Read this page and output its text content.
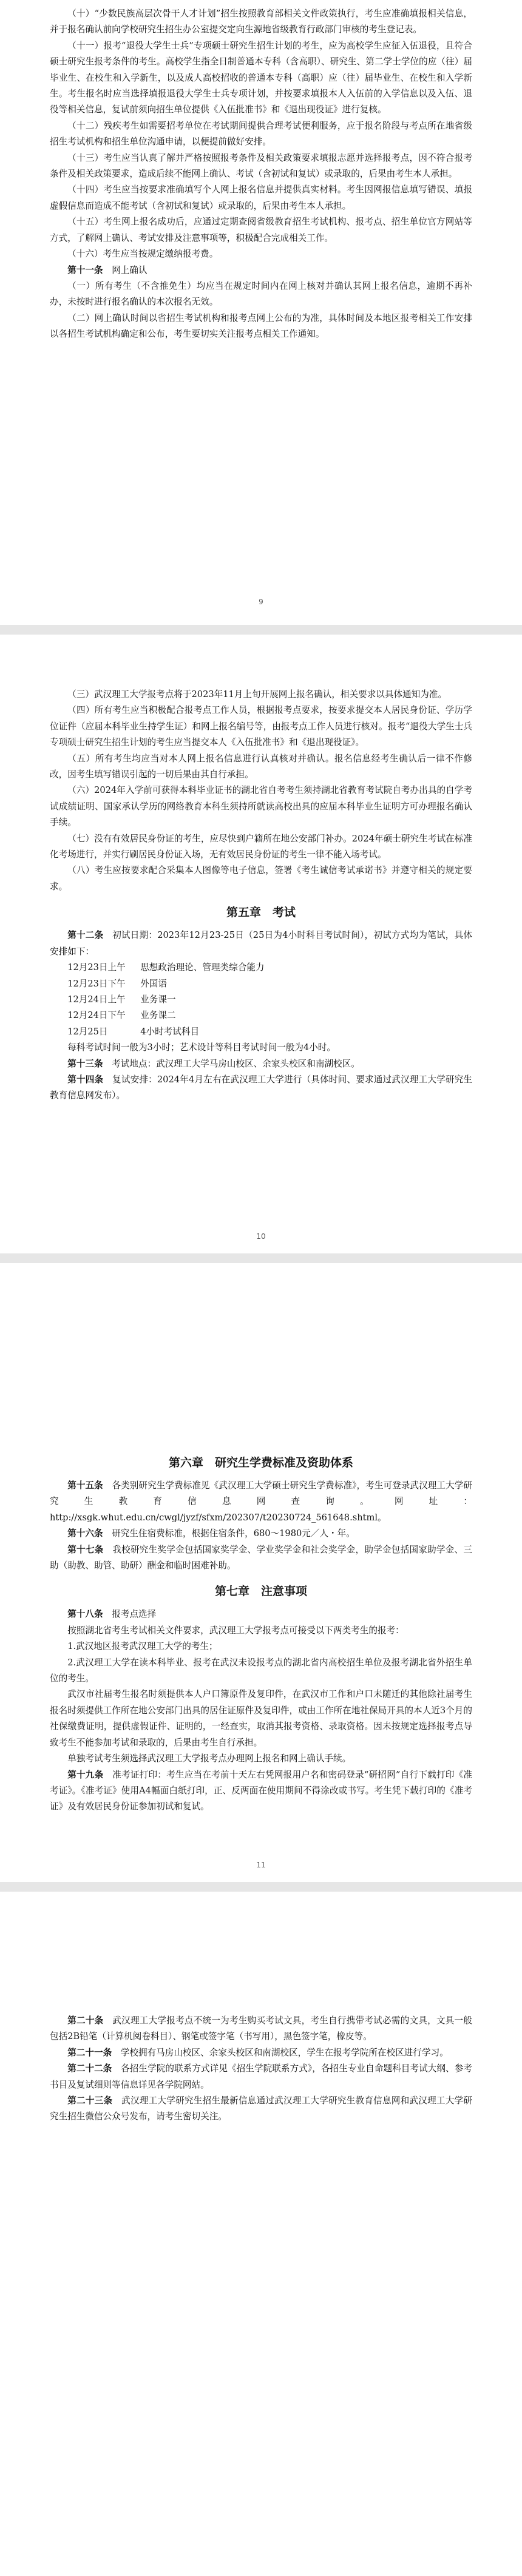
（十）“少数民族高层次骨干人才计划”招生按照教育部相关文件政策执行，考生应准确填报相关信息，并于报名确认前向学校研究生招生办公室提交定向生源地省级教育行政部门审核的考生登记表。

（十一）报考“退役大学生士兵”专项硕士研究生招生计划的考生，应为高校学生应征入伍退役，且符合硕士研究生报考条件的考生。高校学生指全日制普通本专科（含高职）、研究生、第二学士学位的应（往）届毕业生、在校生和入学新生，以及成人高校招收的普通本专科（高职）应（往）届毕业生、在校生和入学新生。考生报名时应当选择填报退役大学生士兵专项计划，并按要求填报本人入伍前的入学信息以及入伍、退役等相关信息，复试前须向招生单位提供《入伍批准书》和《退出现役证》进行复核。

（十二）残疾考生如需要招考单位在考试期间提供合理考试便利服务，应于报名阶段与考点所在地省级招生考试机构和招生单位沟通申请，以便提前做好安排。

（十三）考生应当认真了解并严格按照报考条件及相关政策要求填报志愿并选择报考点，因不符合报考条件及相关政策要求，造成后续不能网上确认、考试（含初试和复试）或录取的，后果由考生本人承担。

（十四）考生应当按要求准确填写个人网上报名信息并提供真实材料。考生因网报信息填写错误、填报虚假信息而造成不能考试（含初试和复试）或录取的，后果由考生本人承担。

（十五）考生网上报名成功后，应通过定期查阅省级教育招生考试机构、报考点、招生单位官方网站等方式，了解网上确认、考试安排及注意事项等，积极配合完成相关工作。

（十六）考生应当按规定缴纳报考费。

第十一条　 网上确认

（一）所有考生（不含推免生）均应当在规定时间内在网上核对并确认其网上报名信息，逾期不再补办，未按时进行报名确认的本次报名无效。

（二）网上确认时间以省招生考试机构和报考点网上公布的为准，具体时间及本地区报考相关工作安排以各招生考试机构确定和公布，考生要切实关注报考点相关工作通知。

9

（三）武汉理工大学报考点将于2023年11月上旬开展网上报名确认，相关要求以具体通知为准。

（四）所有考生应当积极配合报考点工作人员，根据报考点要求，按要求提交本人居民身份证、学历学位证件（应届本科毕业生持学生证）和网上报名编号等，由报考点工作人员进行核对。报考“退役大学生士兵专项硕士研究生招生计划的考生应当提交本人《入伍批准书》和《退出现役证》。

（五）所有考生均应当对本人网上报名信息进行认真核对并确认。报名信息经考生确认后一律不作修改，因考生填写错误引起的一切后果由其自行承担。

（六）2024年入学前可获得本科毕业证书的湖北省自考考生须持湖北省教育考试院自考办出具的自学考试成绩证明、国家承认学历的网络教育本科生须持所就读高校出具的应届本科毕业生证明方可办理报名确认手续。

（七）没有有效居民身份证的考生，应尽快到户籍所在地公安部门补办。2024年硕士研究生考试在标准化考场进行，并实行刷居民身份证入场，无有效居民身份证的考生一律不能入场考试。

（八）考生应按要求配合采集本人图像等电子信息，签署《考生诚信考试承诺书》并遵守相关的规定要求。

第五章　考试

第十二条　 初试日期：2023年12月23-25日（25日为4小时科目考试时间），初试方式均为笔试，具体安排如下：

12月23日上午	思想政治理论、管理类综合能力
12月23日下午	外国语
12月24日上午	业务课一
12月24日下午	业务课二
12月25日	4小时考试科目

每科考试时间一般为3小时；艺术设计等科目考试时间一般为4小时。

第十三条　 考试地点：武汉理工大学马房山校区、余家头校区和南湖校区。

第十四条　 复试安排：2024年4月左右在武汉理工大学进行（具体时间、要求通过武汉理工大学研究生教育信息网发布）。

10
第六章　研究生学费标准及资助体系

第十五条　 各类别研究生学费标准见《武汉理工大学硕士研究生学费标准》，考生可登录武汉理工大学研究生教育信息网查询。网址：http://xsgk.whut.edu.cn/cwgl/jyzf/sfxm/202307/t20230724_561648.shtml。

第十六条　 研究生住宿费标准，根据住宿条件，680～1980元／人・年。

第十七条　 我校研究生奖学金包括国家奖学金、学业奖学金和社会奖学金，助学金包括国家助学金、三助（助教、助管、助研）酬金和临时困难补助。

第七章　注意事项

第十八条　 报考点选择

按照湖北省考生考试相关文件要求，武汉理工大学报考点可接受以下两类考生的报考：

1.武汉地区报考武汉理工大学的考生；

2.武汉理工大学在读本科毕业、报考在武汉未设报考点的湖北省内高校招生单位及报考湖北省外招生单位的考生。

武汉市社届考生报名时须提供本人户口簿原件及复印件，在武汉市工作和户口未随迁的其他除社届考生报名时须提供工作所在地公安部门出具的居住证原件及复印件，或由工作所在地社保局开具的本人近3个月的社保缴费证明，提供虚假证件、证明的，一经查实，取消其报考资格、录取资格。因未按规定选择报考点导致考生不能参加考试和录取的，后果由考生自行承担。

单独考试考生须选择武汉理工大学报考点办理网上报名和网上确认手续。

第十九条　 准考证打印：考生应当在考前十天左右凭网报用户名和密码登录“研招网”自行下载打印《准考证》。《准考证》使用A4幅面白纸打印，正、反两面在使用期间不得涂改或书写。考生凭下载打印的《准考证》及有效居民身份证参加初试和复试。

11

第二十条　 武汉理工大学报考点不统一为考生购买考试文具，考生自行携带考试必需的文具，文具一般包括2B铅笔（计算机阅卷科目）、钢笔或签字笔（书写用），黑色签字笔，橡皮等。

第二十一条　 学校拥有马房山校区、余家头校区和南湖校区，学生在报考学院所在校区进行学习。

第二十二条　 各招生学院的联系方式详见《招生学院联系方式》，各招生专业自命题科目考试大纲、参考书目及复试细则等信息详见各学院网站。

第二十三条　 武汉理工大学研究生招生最新信息通过武汉理工大学研究生教育信息网和武汉理工大学研究生招生微信公众号发布，请考生密切关注。
